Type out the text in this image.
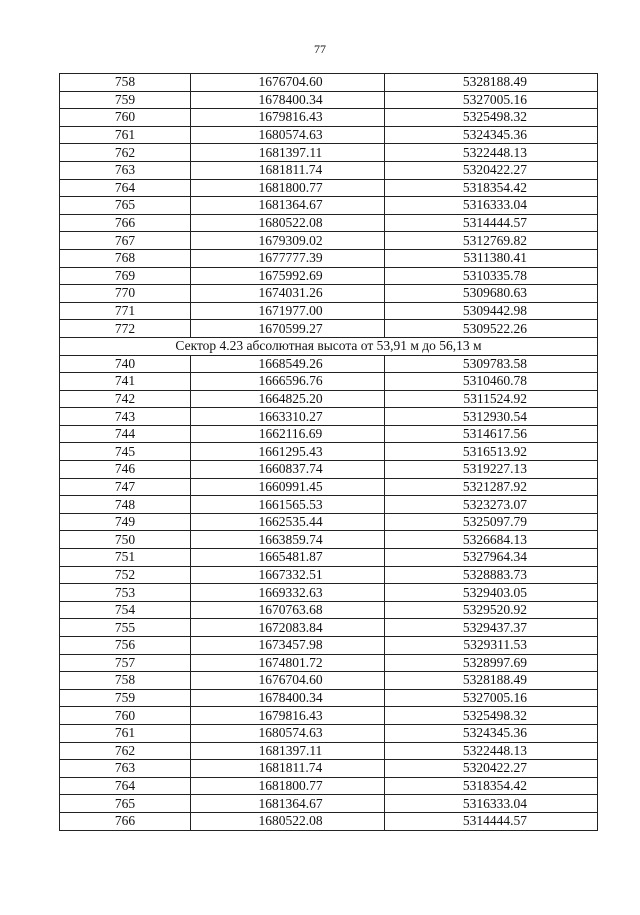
77
758	1676704.60	5328188.49
759	1678400.34	5327005.16
760	1679816.43	5325498.32
761	1680574.63	5324345.36
762	1681397.11	5322448.13
763	1681811.74	5320422.27
764	1681800.77	5318354.42
765	1681364.67	5316333.04
766	1680522.08	5314444.57
767	1679309.02	5312769.82
768	1677777.39	5311380.41
769	1675992.69	5310335.78
770	1674031.26	5309680.63
771	1671977.00	5309442.98
772	1670599.27	5309522.26
Сектор 4.23 абсолютная высота от 53,91 м до 56,13 м		
740	1668549.26	5309783.58
741	1666596.76	5310460.78
742	1664825.20	5311524.92
743	1663310.27	5312930.54
744	1662116.69	5314617.56
745	1661295.43	5316513.92
746	1660837.74	5319227.13
747	1660991.45	5321287.92
748	1661565.53	5323273.07
749	1662535.44	5325097.79
750	1663859.74	5326684.13
751	1665481.87	5327964.34
752	1667332.51	5328883.73
753	1669332.63	5329403.05
754	1670763.68	5329520.92
755	1672083.84	5329437.37
756	1673457.98	5329311.53
757	1674801.72	5328997.69
758	1676704.60	5328188.49
759	1678400.34	5327005.16
760	1679816.43	5325498.32
761	1680574.63	5324345.36
762	1681397.11	5322448.13
763	1681811.74	5320422.27
764	1681800.77	5318354.42
765	1681364.67	5316333.04
766	1680522.08	5314444.57
